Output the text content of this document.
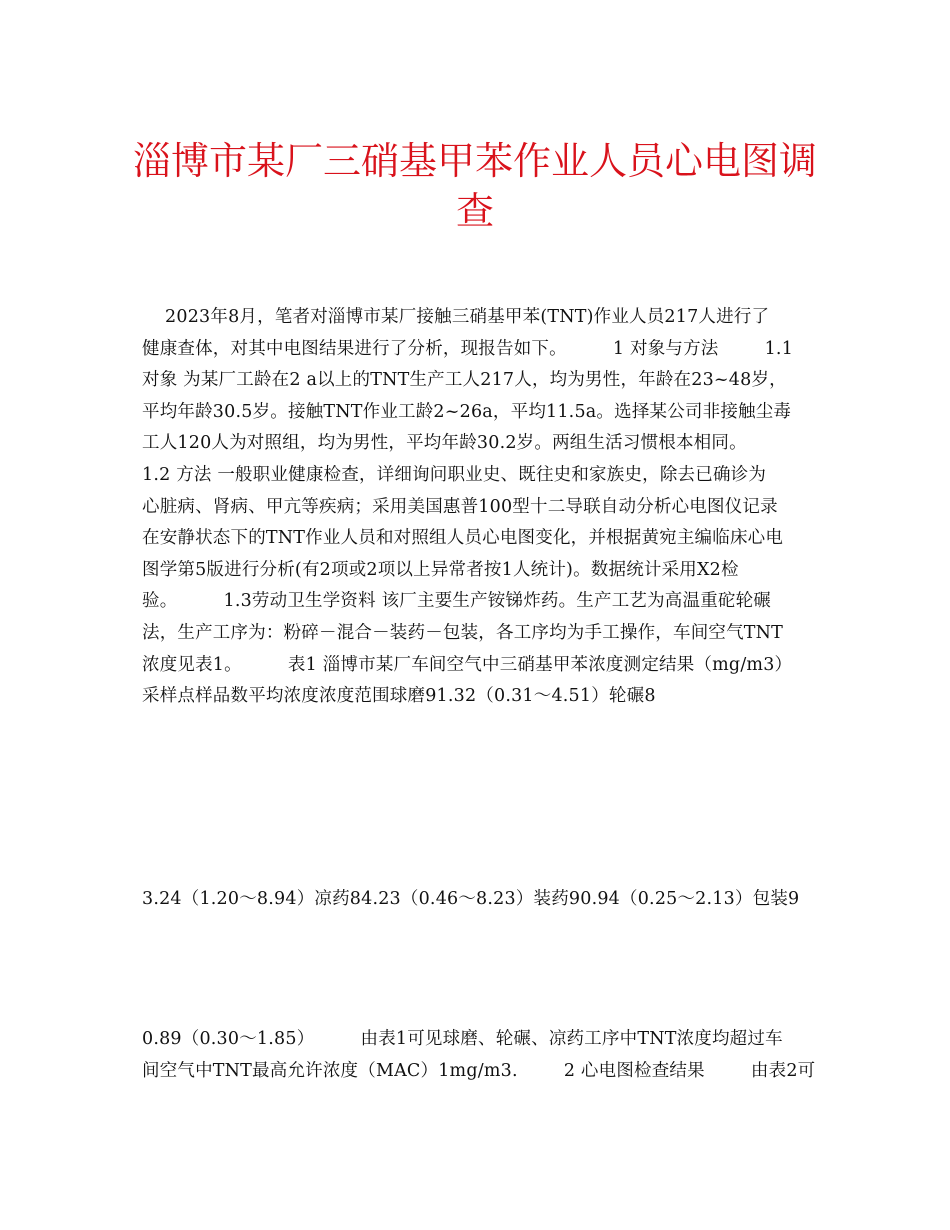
淄博市某厂三硝基甲苯作业人员心电图调
查
2023年8月，笔者对淄博市某厂接触三硝基甲苯(TNT)作业人员217人进行了
健康查体，对其中电图结果进行了分析，现报告如下。        1 对象与方法        1.1
对象 为某厂工龄在2 a以上的TNT生产工人217人，均为男性，年龄在23~48岁，
平均年龄30.5岁。接触TNT作业工龄2~26a，平均11.5a。选择某公司非接触尘毒
工人120人为对照组，均为男性，平均年龄30.2岁。两组生活习惯根本相同。
1.2 方法 一般职业健康检查，详细询问职业史、既往史和家族史，除去已确诊为
心脏病、肾病、甲亢等疾病；采用美国惠普100型十二导联自动分析心电图仪记录
在安静状态下的TNT作业人员和对照组人员心电图变化，并根据黄宛主编临床心电
图学第5版进行分析(有2项或2项以上异常者按1人统计)。数据统计采用X2检
验。        1.3劳动卫生学资料 该厂主要生产铵锑炸药。生产工艺为高温重砣轮碾
法，生产工序为：粉碎－混合－装药－包装，各工序均为手工操作，车间空气TNT
浓度见表1。        表1 淄博市某厂车间空气中三硝基甲苯浓度测定结果（mg/m3）
采样点样品数平均浓度浓度范围球磨91.32（0.31～4.51）轮碾8
3.24（1.20～8.94）凉药84.23（0.46～8.23）装药90.94（0.25～2.13）包装9
0.89（0.30～1.85）        由表1可见球磨、轮碾、凉药工序中TNT浓度均超过车
间空气中TNT最高允许浓度（MAC）1mg/m3.        2 心电图检查结果        由表2可
